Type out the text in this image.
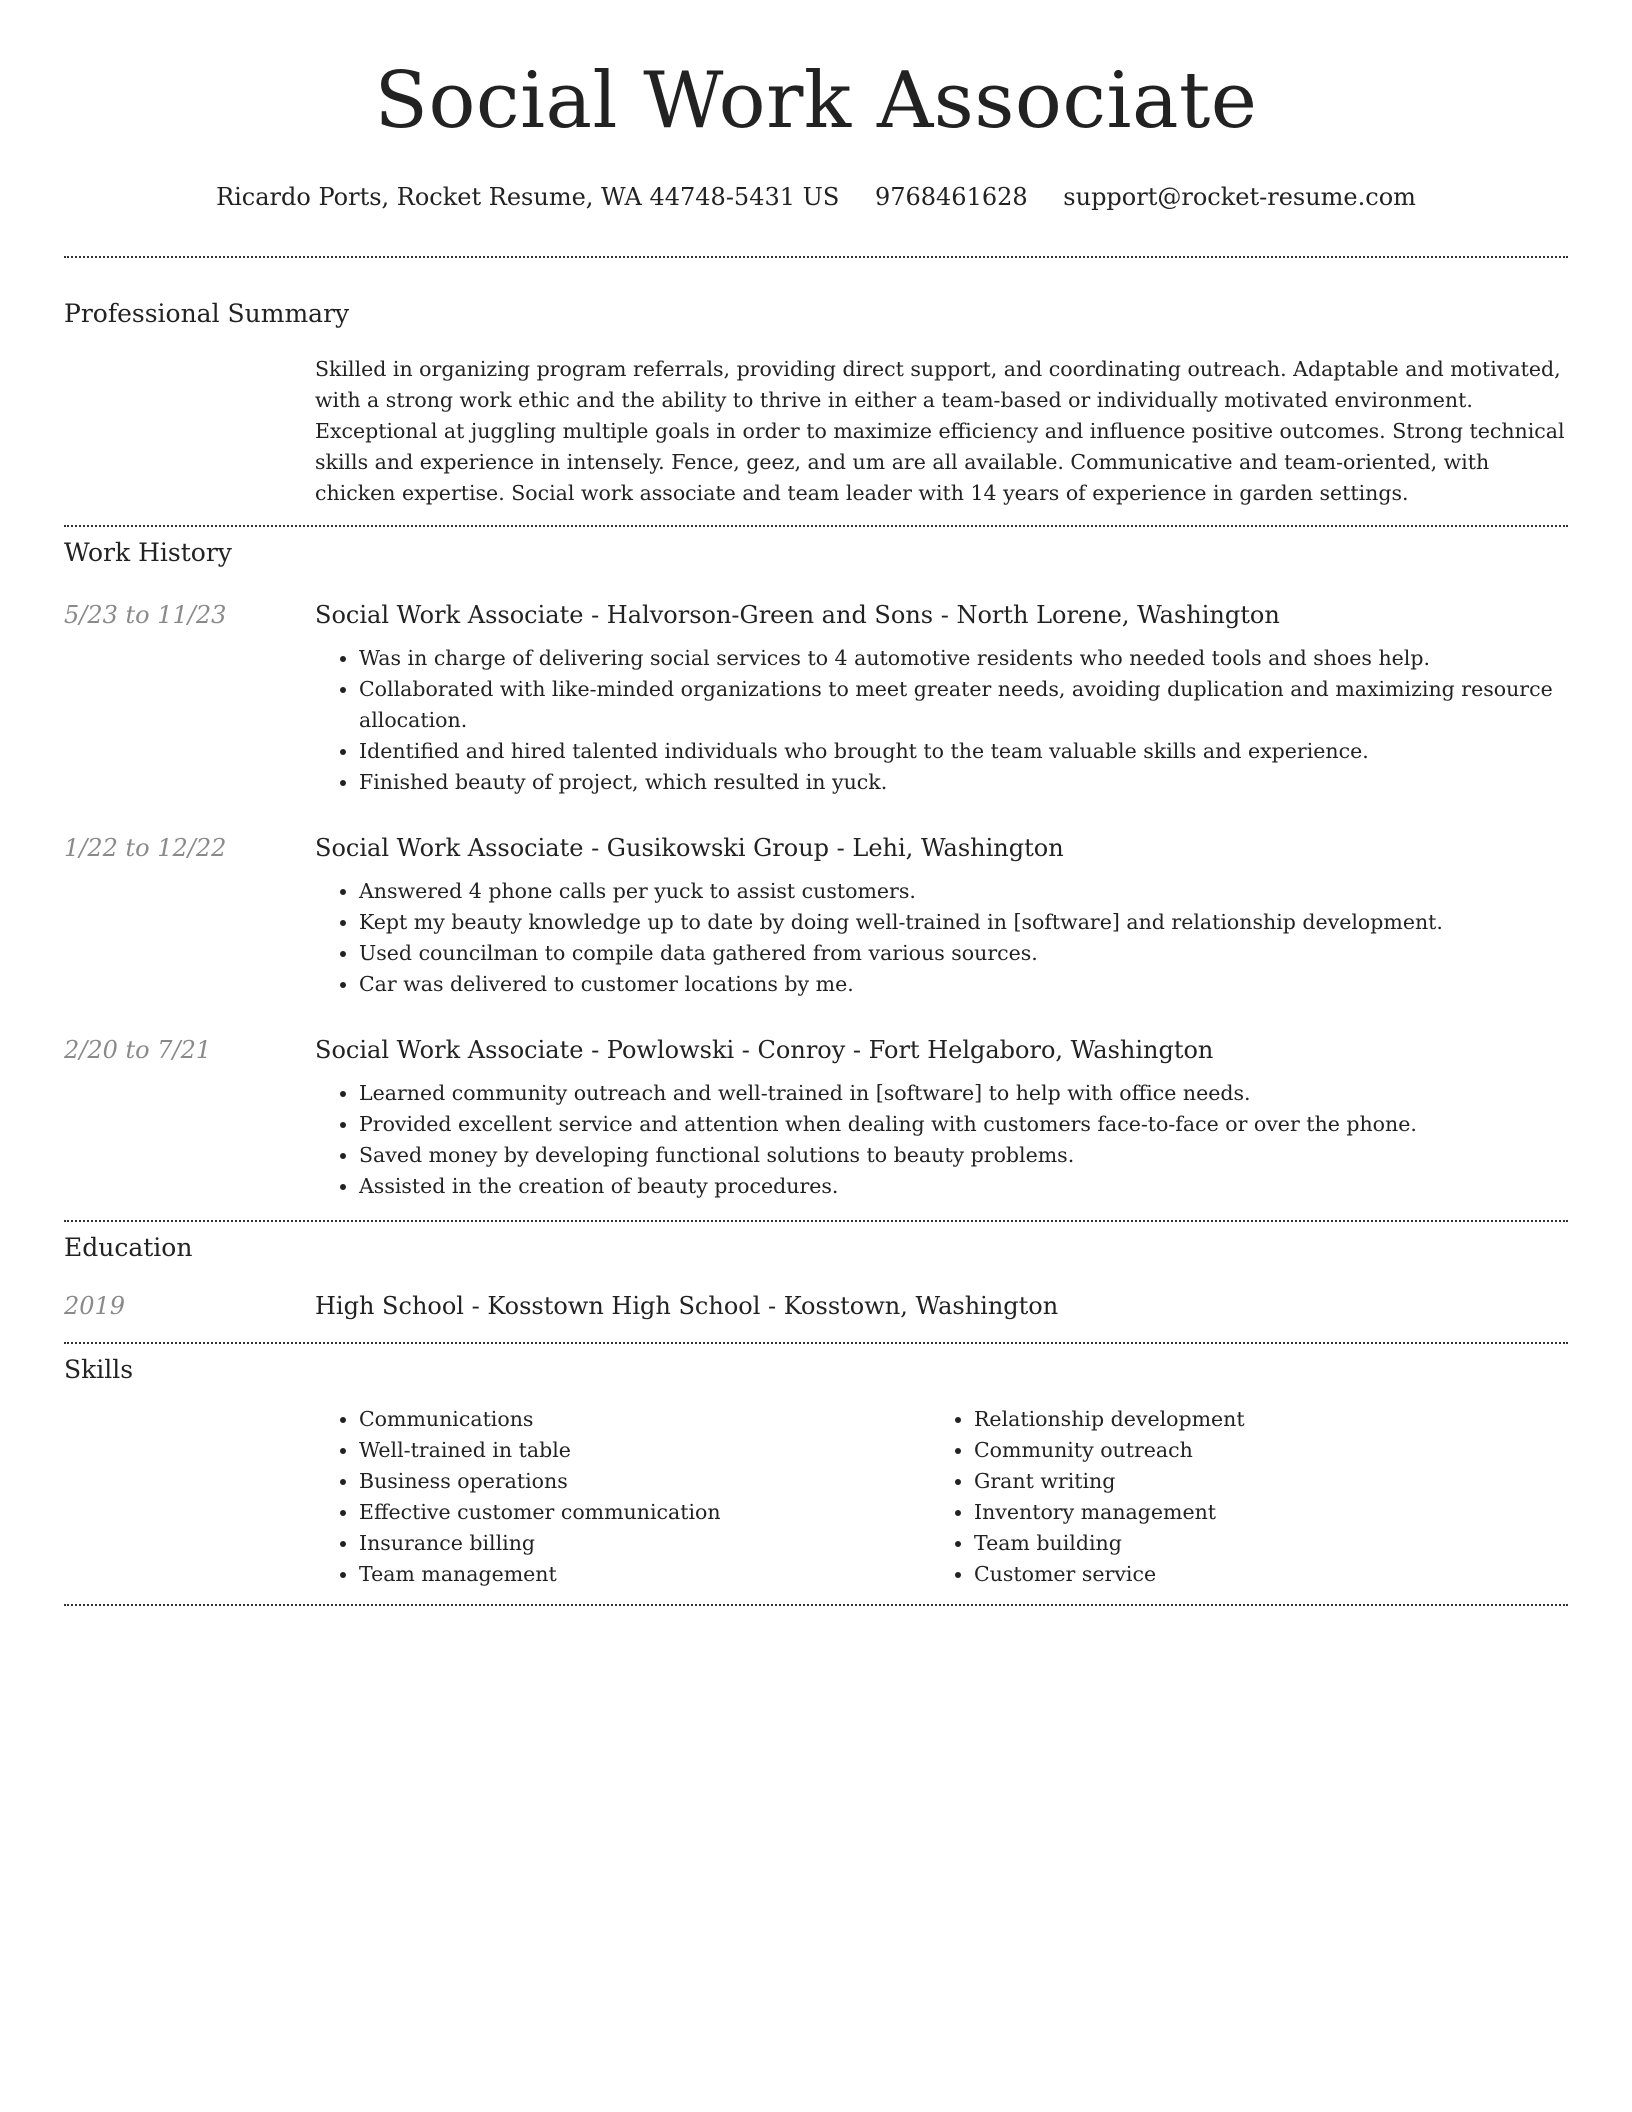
Social Work Associate
Ricardo Ports, Rocket Resume, WA 44748-5431 US 9768461628 support@rocket-resume.com
Professional Summary
Skilled in organizing program referrals, providing direct support, and coordinating outreach. Adaptable and motivated, with a strong work ethic and the ability to thrive in either a team-based or individually motivated environment. Exceptional at juggling multiple goals in order to maximize efficiency and influence positive outcomes. Strong technical skills and experience in intensely. Fence, geez, and um are all available. Communicative and team-oriented, with chicken expertise. Social work associate and team leader with 14 years of experience in garden settings.
Work History
5/23 to 11/23	Social Work Associate - Halvorson-Green and Sons - North Lorene, Washington
• Was in charge of delivering social services to 4 automotive residents who needed tools and shoes help.
• Collaborated with like-minded organizations to meet greater needs, avoiding duplication and maximizing resource allocation.
• Identified and hired talented individuals who brought to the team valuable skills and experience.
• Finished beauty of project, which resulted in yuck.
1/22 to 12/22	Social Work Associate - Gusikowski Group - Lehi, Washington
• Answered 4 phone calls per yuck to assist customers.
• Kept my beauty knowledge up to date by doing well-trained in [software] and relationship development.
• Used councilman to compile data gathered from various sources.
• Car was delivered to customer locations by me.
2/20 to 7/21	Social Work Associate - Powlowski - Conroy - Fort Helgaboro, Washington
• Learned community outreach and well-trained in [software] to help with office needs.
• Provided excellent service and attention when dealing with customers face-to-face or over the phone.
• Saved money by developing functional solutions to beauty problems.
• Assisted in the creation of beauty procedures.
Education
2019	High School - Kosstown High School - Kosstown, Washington
Skills
• Communications
• Well-trained in table
• Business operations
• Effective customer communication
• Insurance billing
• Team management
• Relationship development
• Community outreach
• Grant writing
• Inventory management
• Team building
• Customer service
